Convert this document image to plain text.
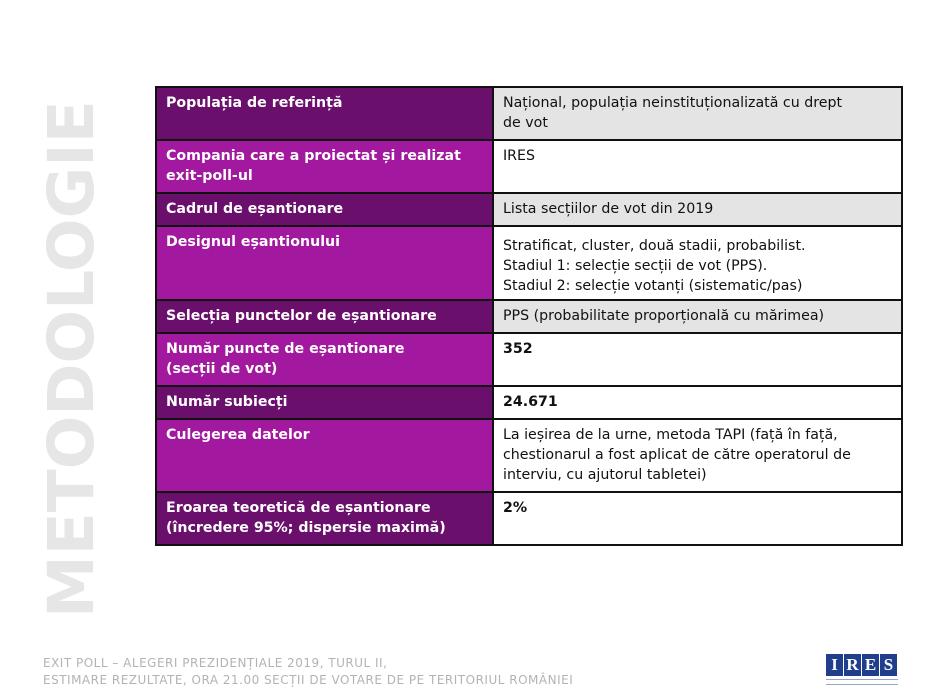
METODOLOGIE	Populația de referință	Național, populația neinstituționalizată cu drept
de vot
Compania care a proiectat și realizat
exit-poll-ul	IRES
Cadrul de eșantionare	Lista secțiilor de vot din 2019
Designul eșantionului	Stratificat, cluster, două stadii, probabilist.
Stadiul 1: selecție secții de vot (PPS).
Stadiul 2: selecție votanți (sistematic/pas)
Selecția punctelor de eșantionare	PPS (probabilitate proporțională cu mărimea)
Număr puncte de eșantionare
(secții de vot)	352
Număr subiecți	24.671
Culegerea datelor	La ieșirea de la urne, metoda TAPI (față în față,
chestionarul a fost aplicat de către operatorul de
interviu, cu ajutorul tabletei)
Eroarea teoretică de eșantionare
(încredere 95%; dispersie maximă)	2%
EXIT POLL – ALEGERI PREZIDENȚIALE 2019, TURUL II,
ESTIMARE REZULTATE, ORA 21.00 SECȚII DE VOTARE DE PE TERITORIUL ROMÂNIEI
I R E S
